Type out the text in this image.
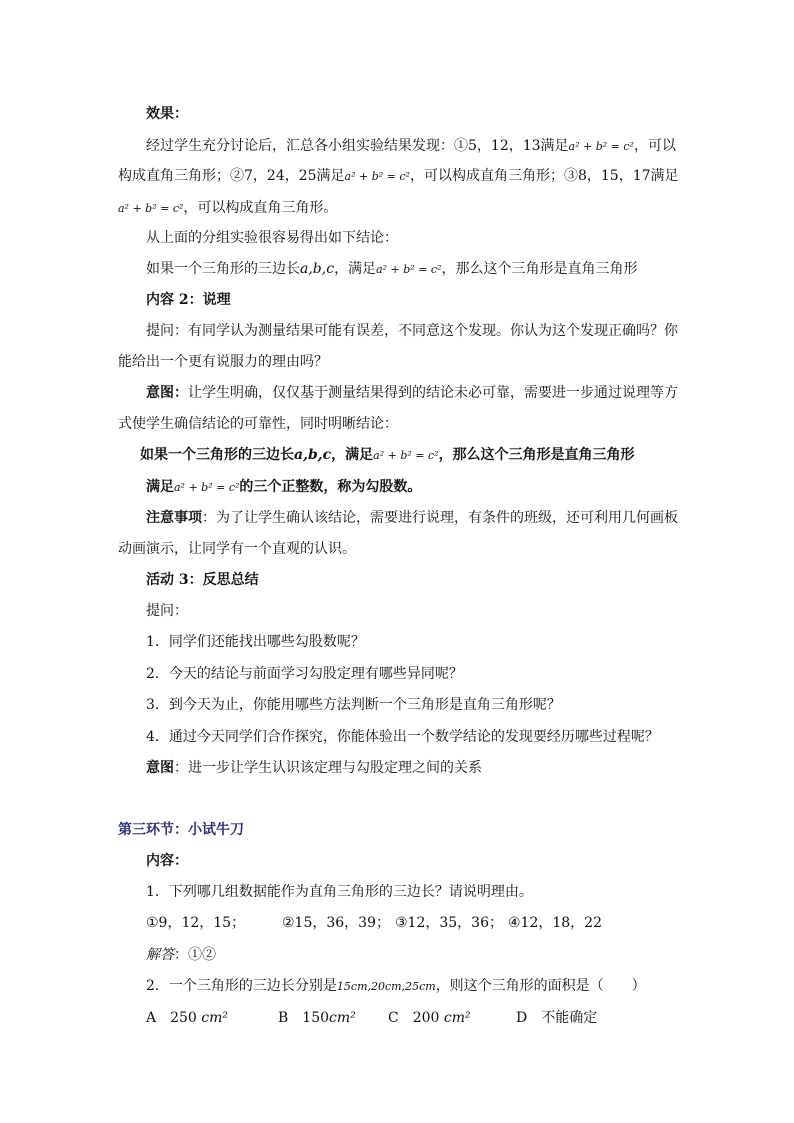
效果：
经过学生充分讨论后，汇总各小组实验结果发现：①5，12，13满足a² + b² = c²，可以
构成直角三角形；②7，24，25满足a² + b² = c²，可以构成直角三角形；③8，15，17满足
a² + b² = c²，可以构成直角三角形。
从上面的分组实验很容易得出如下结论：
如果一个三角形的三边长a,b,c，满足a² + b² = c²，那么这个三角形是直角三角形
内容 2：说理
提问：有同学认为测量结果可能有误差，不同意这个发现。你认为这个发现正确吗？你
能给出一个更有说服力的理由吗？
意图：让学生明确，仅仅基于测量结果得到的结论未必可靠，需要进一步通过说理等方
式使学生确信结论的可靠性，同时明晰结论：
如果一个三角形的三边长a,b,c，满足a² + b² = c²，那么这个三角形是直角三角形
满足a² + b² = c²的三个正整数，称为勾股数。
注意事项：为了让学生确认该结论，需要进行说理，有条件的班级，还可利用几何画板
动画演示，让同学有一个直观的认识。
活动 3：反思总结
提问：
1．同学们还能找出哪些勾股数呢？
2．今天的结论与前面学习勾股定理有哪些异同呢？
3．到今天为止，你能用哪些方法判断一个三角形是直角三角形呢？
4．通过今天同学们合作探究，你能体验出一个数学结论的发现要经历哪些过程呢？
意图：进一步让学生认识该定理与勾股定理之间的关系
第三环节：小试牛刀
内容：
1．下列哪几组数据能作为直角三角形的三边长？请说明理由。
①9，12，15；	②15，36，39； ③12，35，36； ④12，18，22
解答：①②
2．一个三角形的三边长分别是15cm,20cm,25cm，则这个三角形的面积是（　　）
A　250 cm²	B　150cm² C　200 cm²	D　不能确定
